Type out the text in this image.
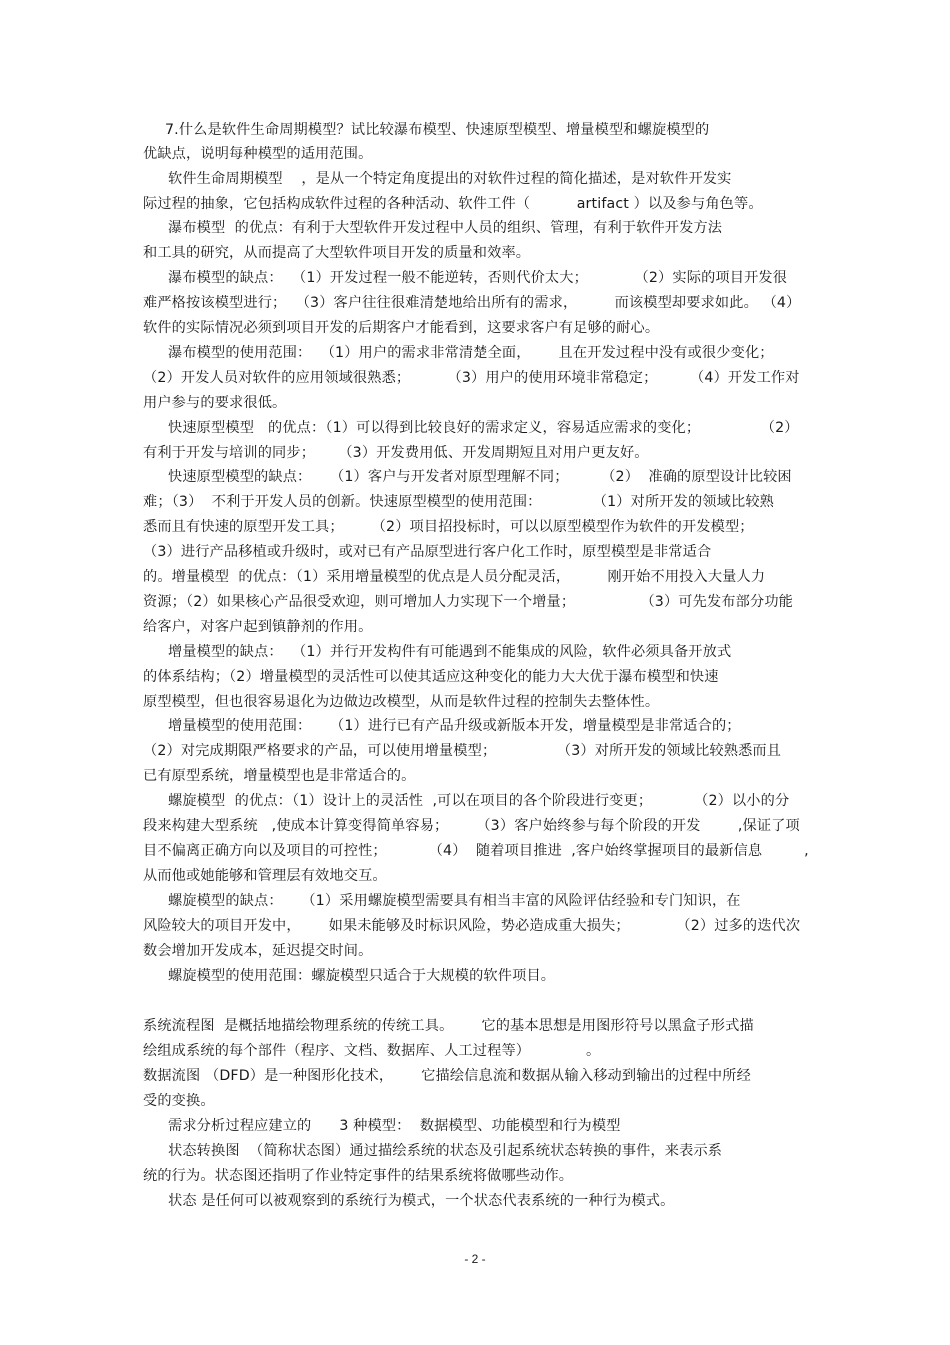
7.什么是软件生命周期模型？试比较瀑布模型、快速原型模型、增量模型和螺旋模型的

优缺点，说明每种模型的适用范围。

软件生命周期模型    ，是从一个特定角度提出的对软件过程的简化描述，是对软件开发实

际过程的抽象，它包括构成软件过程的各种活动、软件工件（          artifact ）以及参与角色等。

瀑布模型  的优点：有利于大型软件开发过程中人员的组织、管理，有利于软件开发方法

和工具的研究，从而提高了大型软件项目开发的质量和效率。

瀑布模型的缺点：  （1）开发过程一般不能逆转，否则代价太大；          （2）实际的项目开发很

难严格按该模型进行；  （3）客户往往很难清楚地给出所有的需求，        而该模型却要求如此。 （4）

软件的实际情况必须到项目开发的后期客户才能看到，这要求客户有足够的耐心。

瀑布模型的使用范围：  （1）用户的需求非常清楚全面，      且在开发过程中没有或很少变化；

（2）开发人员对软件的应用领域很熟悉；        （3）用户的使用环境非常稳定；       （4）开发工作对

用户参与的要求很低。

快速原型模型   的优点：（1）可以得到比较良好的需求定义，容易适应需求的变化；             （2）

有利于开发与培训的同步；     （3）开发费用低、开发周期短且对用户更友好。

快速原型模型的缺点：    （1）客户与开发者对原型理解不同；       （2）  准确的原型设计比较困

难；（3）  不利于开发人员的创新。快速原型模型的使用范围：           （1）对所开发的领域比较熟

悉而且有快速的原型开发工具；      （2）项目招投标时，可以以原型模型作为软件的开发模型；

（3）进行产品移植或升级时，或对已有产品原型进行客户化工作时，原型模型是非常适合

的。增量模型  的优点：（1）采用增量模型的优点是人员分配灵活，        刚开始不用投入大量人力

资源；（2）如果核心产品很受欢迎，则可增加人力实现下一个增量；              （3）可先发布部分功能

给客户，对客户起到镇静剂的作用。

增量模型的缺点：  （1）并行开发构件有可能遇到不能集成的风险，软件必须具备开放式

的体系结构；（2）增量模型的灵活性可以使其适应这种变化的能力大大优于瀑布模型和快速

原型模型，但也很容易退化为边做边改模型，从而是软件过程的控制失去整体性。

增量模型的使用范围：    （1）进行已有产品升级或新版本开发，增量模型是非常适合的；

（2）对完成期限严格要求的产品，可以使用增量模型；             （3）对所开发的领域比较熟悉而且

已有原型系统，增量模型也是非常适合的。

螺旋模型  的优点：（1）设计上的灵活性  ,可以在项目的各个阶段进行变更；         （2）以小的分

段来构建大型系统   ,使成本计算变得简单容易；      （3）客户始终参与每个阶段的开发        ,保证了项

目不偏离正确方向以及项目的可控性；         （4）  随着项目推进  ,客户始终掌握项目的最新信息         ,

从而他或她能够和管理层有效地交互。

螺旋模型的缺点：    （1）采用螺旋模型需要具有相当丰富的风险评估经验和专门知识，在

风险较大的项目开发中，      如果未能够及时标识风险，势必造成重大损失；          （2）过多的迭代次

数会增加开发成本，延迟提交时间。

螺旋模型的使用范围：螺旋模型只适合于大规模的软件项目。

系统流程图  是概括地描绘物理系统的传统工具。      它的基本思想是用图形符号以黑盒子形式描

绘组成系统的每个部件（程序、文档、数据库、人工过程等）            。

数据流图 （DFD）是一种图形化技术，      它描绘信息流和数据从输入移动到输出的过程中所经

受的变换。

需求分析过程应建立的      3 种模型：  数据模型、功能模型和行为模型

状态转换图  （简称状态图）通过描绘系统的状态及引起系统状态转换的事件，来表示系

统的行为。状态图还指明了作业特定事件的结果系统将做哪些动作。

状态 是任何可以被观察到的系统行为模式，一个状态代表系统的一种行为模式。

- 2 -
